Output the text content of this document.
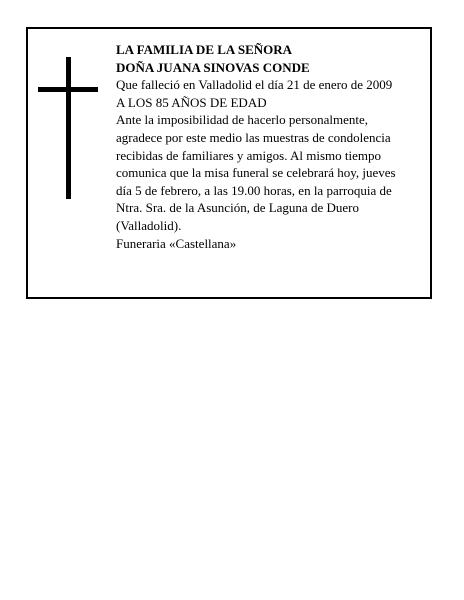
LA FAMILIA DE LA SEÑORA
DOÑA JUANA SINOVAS CONDE
Que falleció en Valladolid el día 21 de enero de 2009
A LOS 85 AÑOS DE EDAD
Ante la imposibilidad de hacerlo personalmente,
agradece por este medio las muestras de condolencia
recibidas de familiares y amigos. Al mismo tiempo
comunica que la misa funeral se celebrará hoy, jueves
día 5 de febrero, a las 19.00 horas, en la parroquia de
Ntra. Sra. de la Asunción, de Laguna de Duero
(Valladolid).
Funeraria «Castellana»
